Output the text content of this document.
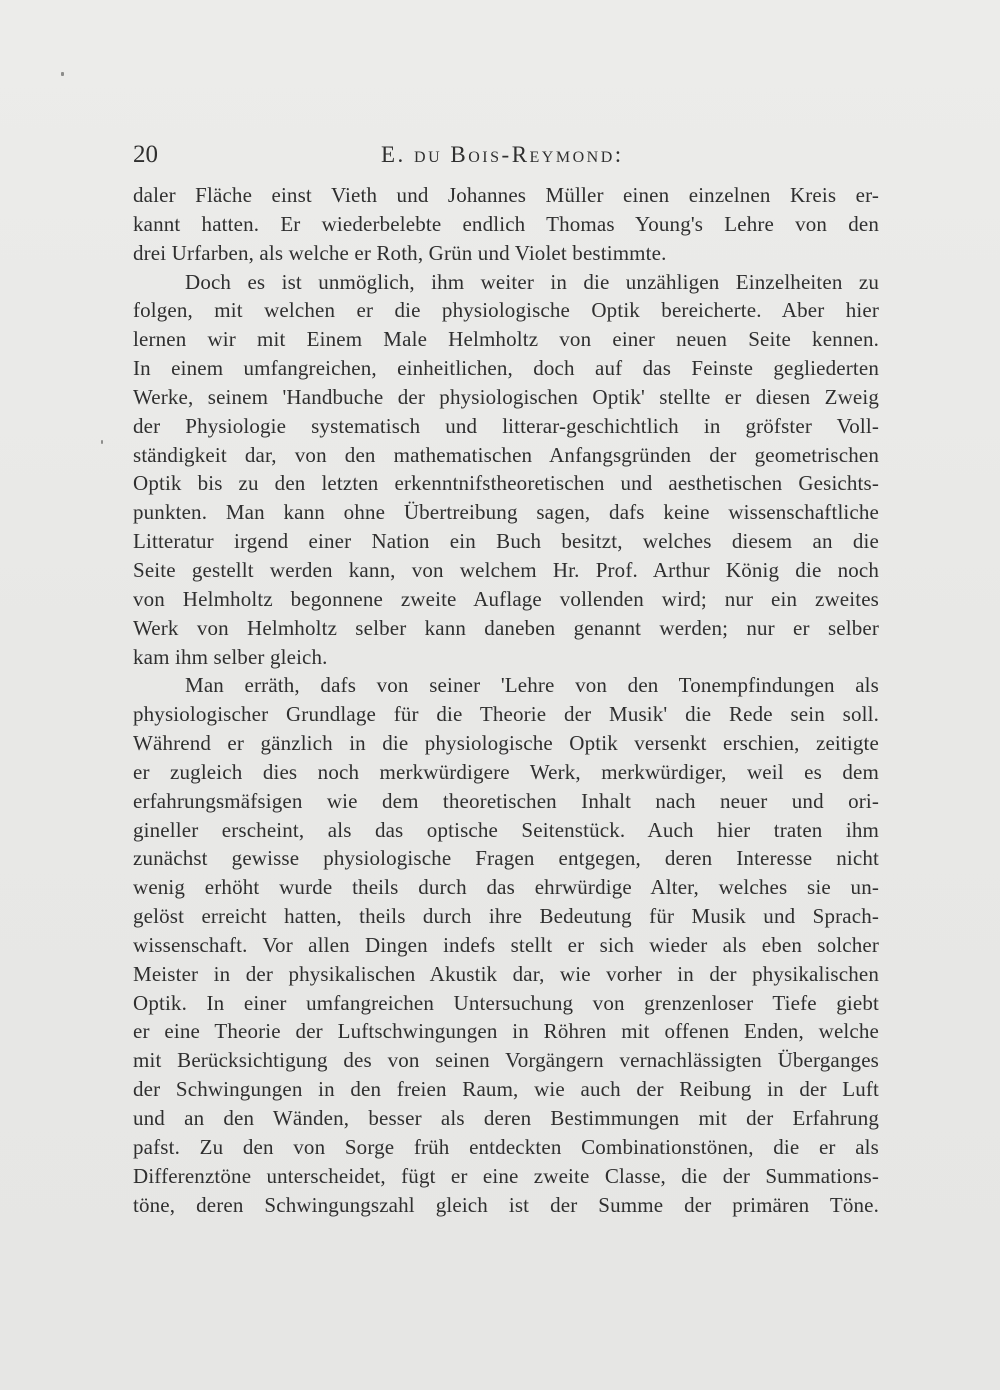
20	E. du Bois-Reymond:
daler Fläche einst Vieth und Johannes Müller einen einzelnen Kreis er-
kannt hatten. Er wiederbelebte endlich Thomas Young's Lehre von den
drei Urfarben, als welche er Roth, Grün und Violet bestimmte.
Doch es ist unmöglich, ihm weiter in die unzähligen Einzelheiten zu
folgen, mit welchen er die physiologische Optik bereicherte. Aber hier
lernen wir mit Einem Male Helmholtz von einer neuen Seite kennen.
In einem umfangreichen, einheitlichen, doch auf das Feinste gegliederten
Werke, seinem 'Handbuche der physiologischen Optik' stellte er diesen Zweig
der Physiologie systematisch und litterar-geschichtlich in gröfster Voll-
ständigkeit dar, von den mathematischen Anfangsgründen der geometrischen
Optik bis zu den letzten erkenntnifstheoretischen und aesthetischen Gesichts-
punkten. Man kann ohne Übertreibung sagen, dafs keine wissenschaftliche
Litteratur irgend einer Nation ein Buch besitzt, welches diesem an die
Seite gestellt werden kann, von welchem Hr. Prof. Arthur König die noch
von Helmholtz begonnene zweite Auflage vollenden wird; nur ein zweites
Werk von Helmholtz selber kann daneben genannt werden; nur er selber
kam ihm selber gleich.
Man erräth, dafs von seiner 'Lehre von den Tonempfindungen als
physiologischer Grundlage für die Theorie der Musik' die Rede sein soll.
Während er gänzlich in die physiologische Optik versenkt erschien, zeitigte
er zugleich dies noch merkwürdigere Werk, merkwürdiger, weil es dem
erfahrungsmäfsigen wie dem theoretischen Inhalt nach neuer und ori-
gineller erscheint, als das optische Seitenstück. Auch hier traten ihm
zunächst gewisse physiologische Fragen entgegen, deren Interesse nicht
wenig erhöht wurde theils durch das ehrwürdige Alter, welches sie un-
gelöst erreicht hatten, theils durch ihre Bedeutung für Musik und Sprach-
wissenschaft. Vor allen Dingen indefs stellt er sich wieder als eben solcher
Meister in der physikalischen Akustik dar, wie vorher in der physikalischen
Optik. In einer umfangreichen Untersuchung von grenzenloser Tiefe giebt
er eine Theorie der Luftschwingungen in Röhren mit offenen Enden, welche
mit Berücksichtigung des von seinen Vorgängern vernachlässigten Überganges
der Schwingungen in den freien Raum, wie auch der Reibung in der Luft
und an den Wänden, besser als deren Bestimmungen mit der Erfahrung
pafst. Zu den von Sorge früh entdeckten Combinationstönen, die er als
Differenztöne unterscheidet, fügt er eine zweite Classe, die der Summations-
töne, deren Schwingungszahl gleich ist der Summe der primären Töne.
